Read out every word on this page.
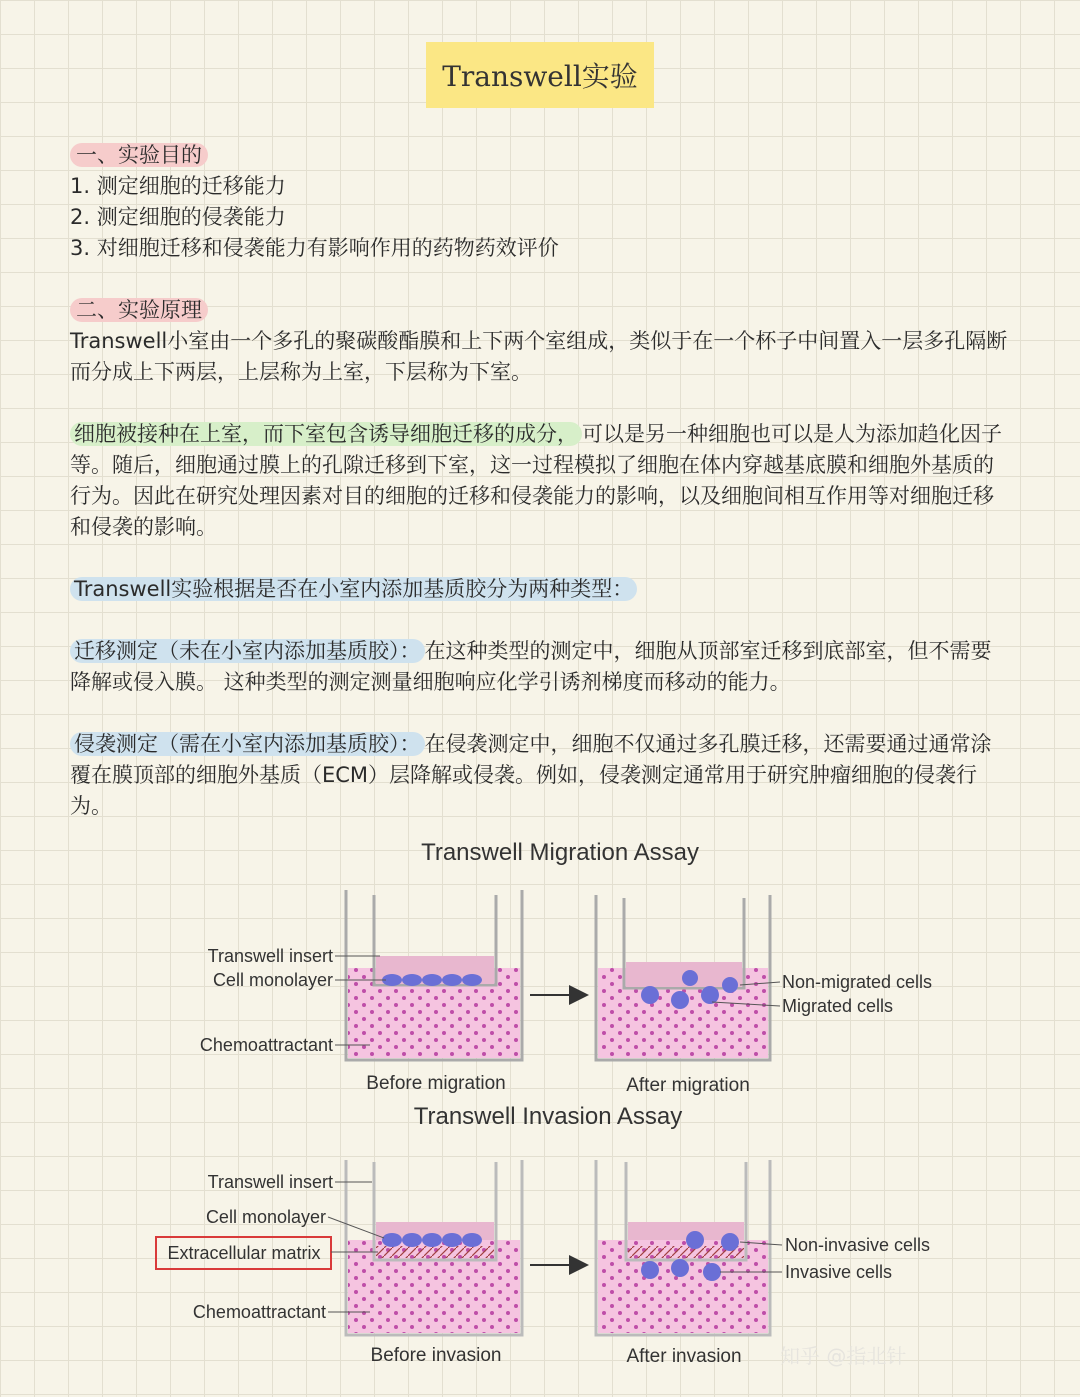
Transwell实验

一、实验目的

1. 测定细胞的迁移能力

2. 测定细胞的侵袭能力

3. 对细胞迁移和侵袭能力有影响作用的药物药效评价

二、实验原理

Transwell小室由一个多孔的聚碳酸酯膜和上下两个室组成，类似于在一个杯子中间置入一层多孔隔断而分成上下两层，上层称为上室，下层称为下室。

细胞被接种在上室，而下室包含诱导细胞迁移的成分， 可以是另一种细胞也可以是人为添加趋化因子等。随后，细胞通过膜上的孔隙迁移到下室，这一过程模拟了细胞在体内穿越基底膜和细胞外基质的行为。因此在研究处理因素对目的细胞的迁移和侵袭能力的影响，以及细胞间相互作用等对细胞迁移和侵袭的影响。

Transwell实验根据是否在小室内添加基质胶分为两种类型：

迁移测定（未在小室内添加基质胶）： 在这种类型的测定中，细胞从顶部室迁移到底部室，但不需要降解或侵入膜。 这种类型的测定测量细胞响应化学引诱剂梯度而移动的能力。

侵袭测定（需在小室内添加基质胶）： 在侵袭测定中，细胞不仅通过多孔膜迁移，还需要通过通常涂覆在膜顶部的细胞外基质（ECM）层降解或侵袭。例如，侵袭测定通常用于研究肿瘤细胞的侵袭行为。

Transwell Migration Assay
Transwell insert
Cell monolayer
Chemoattractant
Non-migrated cells
Migrated cells
Before migration	After migration
Transwell Invasion Assay
Transwell insert
Cell monolayer
Chemoattractant
Non-invasive cells
Invasive cells
Before invasion	After invasion
Extracellular matrix
知乎 @指北针
